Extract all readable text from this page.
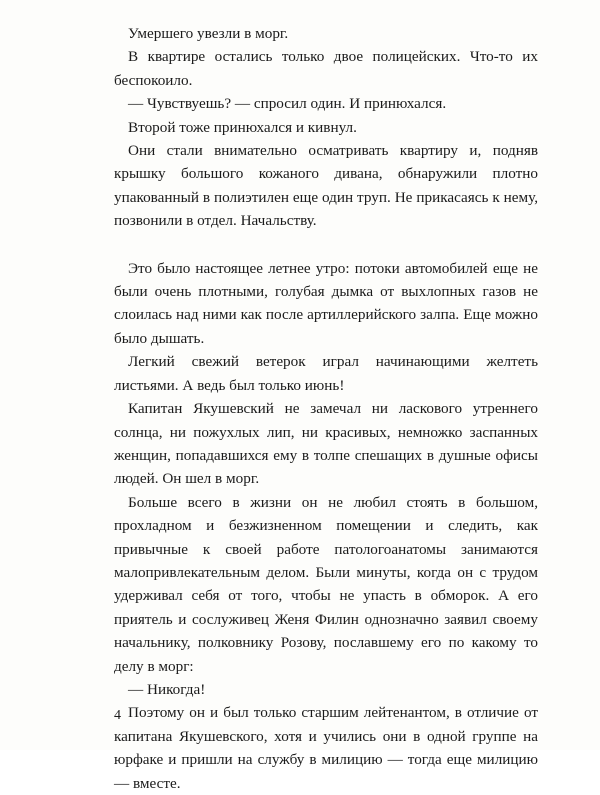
Умершего увезли в морг.

В квартире остались только двое полицейских. Что-то их беспокоило.

— Чувствуешь? — спросил один. И принюхался.

Второй тоже принюхался и кивнул.

Они стали внимательно осматривать квартиру и, подняв крышку большого кожаного дивана, обнаружили плотно упакованный в полиэтилен еще один труп. Не прикасаясь к нему, позвонили в отдел. Начальству.

Это было настоящее летнее утро: потоки автомобилей еще не были очень плотными, голубая дымка от выхлопных газов не слоилась над ними как после артиллерийского залпа. Еще можно было дышать.

Легкий свежий ветерок играл начинающими желтеть листьями. А ведь был только июнь!

Капитан Якушевский не замечал ни ласкового утреннего солнца, ни пожухлых лип, ни красивых, немножко заспанных женщин, попадавшихся ему в толпе спешащих в душные офисы людей. Он шел в морг.

Больше всего в жизни он не любил стоять в большом, прохладном и безжизненном помещении и следить, как привычные к своей работе патологоанатомы занимаются малопривлекательным делом. Были минуты, когда он с трудом удерживал себя от того, чтобы не упасть в обморок. А его приятель и сослуживец Женя Филин однозначно заявил своему начальнику, полковнику Розову, пославшему его по какому то делу в морг:

— Никогда!

Поэтому он и был только старшим лейтенантом, в отличие от капитана Якушевского, хотя и учились они в одной группе на юрфаке и пришли на службу в милицию — тогда еще милицию — вместе.

4
